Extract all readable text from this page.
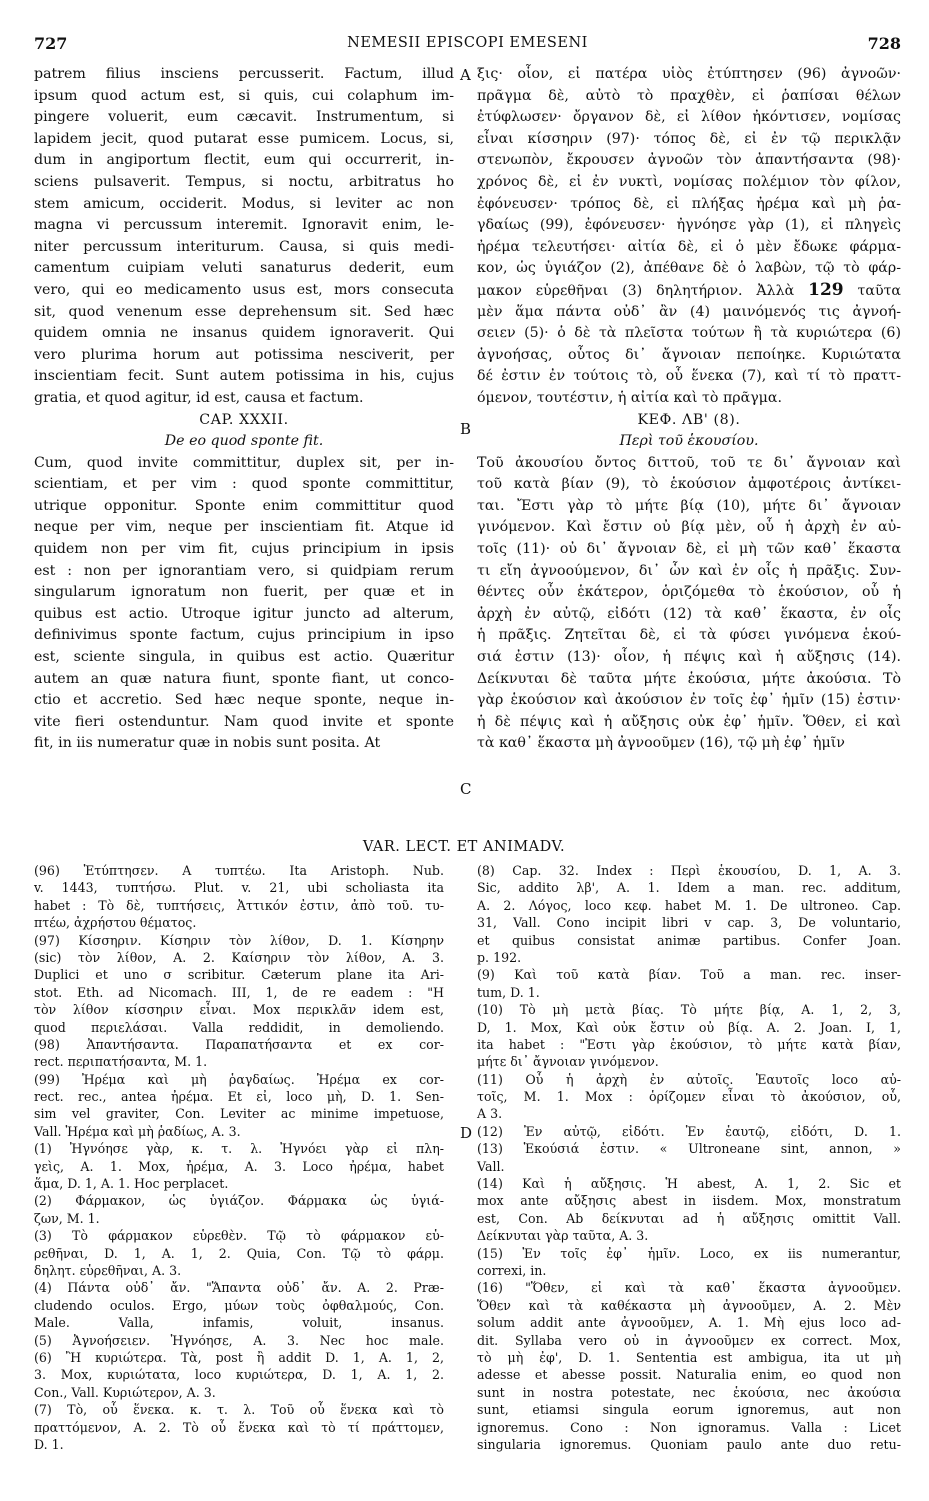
727	NEMESII EPISCOPI EMESENI	728
A
B
C
D
patrem filius insciens percusserit. Factum, illud
ipsum quod actum est, si quis, cui colaphum im-
pingere voluerit, eum cæcavit. Instrumentum, si
lapidem jecit, quod putarat esse pumicem. Locus, si,
dum in angiportum flectit, eum qui occurrerit, in-
sciens pulsaverit. Tempus, si noctu, arbitratus ho
stem amicum, occiderit. Modus, si leviter ac non
magna vi percussum interemit. Ignoravit enim, le-
niter percussum interiturum. Causa, si quis medi-
camentum cuipiam veluti sanaturus dederit, eum
vero, qui eo medicamento usus est, mors consecuta
sit, quod venenum esse deprehensum sit. Sed hæc
quidem omnia ne insanus quidem ignoraverit. Qui
vero plurima horum aut potissima nesciverit, per
inscientiam fecit. Sunt autem potissima in his, cujus
gratia, et quod agitur, id est, causa et factum.
CAP. XXXII.
De eo quod sponte fit.
Cum, quod invite committitur, duplex sit, per in-
scientiam, et per vim : quod sponte committitur,
utrique opponitur. Sponte enim committitur quod
neque per vim, neque per inscientiam fit. Atque id
quidem non per vim fit, cujus principium in ipsis
est : non per ignorantiam vero, si quidpiam rerum
singularum ignoratum non fuerit, per quæ et in
quibus est actio. Utroque igitur juncto ad alterum,
definivimus sponte factum, cujus principium in ipso
est, sciente singula, in quibus est actio. Quæritur
autem an quæ natura fiunt, sponte fiant, ut conco-
ctio et accretio. Sed hæc neque sponte, neque in-
vite fieri ostenduntur. Nam quod invite et sponte
fit, in iis numeratur quæ in nobis sunt posita. At
ξις· οἷον, εἰ πατέρα υἱὸς ἐτύπτησεν (96) ἀγνοῶν·
πρᾶγμα δὲ, αὐτὸ τὸ πραχθὲν, εἰ ῥαπίσαι θέλων
ἐτύφλωσεν· ὄργανον δὲ, εἰ λίθον ἠκόντισεν, νομίσας
εἶναι κίσσηριν (97)· τόπος δὲ, εἰ ἐν τῷ περικλᾷν
στενωπὸν, ἔκρουσεν ἀγνοῶν τὸν ἀπαντήσαντα (98)·
χρόνος δὲ, εἰ ἐν νυκτὶ, νομίσας πολέμιον τὸν φίλον,
ἐφόνευσεν· τρόπος δὲ, εἰ πλήξας ἠρέμα καὶ μὴ ῥα-
γδαίως (99), ἐφόνευσεν· ἠγνόησε γὰρ (1), εἰ πληγεὶς
ἠρέμα τελευτήσει· αἰτία δὲ, εἰ ὁ μὲν ἔδωκε φάρμα-
κον, ὡς ὑγιάζον (2), ἀπέθανε δὲ ὁ λαβὼν, τῷ τὸ φάρ-
μακον εὑρεθῆναι (3) δηλητήριον. Ἀλλὰ 129 ταῦτα
μὲν ἅμα πάντα οὐδ᾽ ἂν (4) μαινόμενός τις ἀγνοή-
σειεν (5)· ὁ δὲ τὰ πλεῖστα τούτων ἢ τὰ κυριώτερα (6)
ἀγνοήσας, οὗτος δι᾽ ἄγνοιαν πεποίηκε. Κυριώτατα
δέ ἐστιν ἐν τούτοις τὸ, οὗ ἕνεκα (7), καὶ τί τὸ πραττ-
όμενον, τουτέστιν, ἡ αἰτία καὶ τὸ πρᾶγμα.
ΚΕΦ. ΛΒ' (8).
Περὶ τοῦ ἑκουσίου.
Τοῦ ἀκουσίου ὄντος διττοῦ, τοῦ τε δι᾽ ἄγνοιαν καὶ
τοῦ κατὰ βίαν (9), τὸ ἑκούσιον ἀμφοτέροις ἀντίκει-
ται. Ἔστι γὰρ τὸ μήτε βίᾳ (10), μήτε δι᾽ ἄγνοιαν
γινόμενον. Καὶ ἔστιν οὐ βίᾳ μὲν, οὗ ἡ ἀρχὴ ἐν αὐ-
τοῖς (11)· οὐ δι᾽ ἄγνοιαν δὲ, εἰ μὴ τῶν καθ᾽ ἕκαστα
τι εἴη ἀγνοούμενον, δι᾽ ὧν καὶ ἐν οἷς ἡ πρᾶξις. Συν-
θέντες οὖν ἑκάτερον, ὁριζόμεθα τὸ ἑκούσιον, οὗ ἡ
ἀρχὴ ἐν αὐτῷ, εἰδότι (12) τὰ καθ᾽ ἕκαστα, ἐν οἷς
ἡ πρᾶξις. Ζητεῖται δὲ, εἰ τὰ φύσει γινόμενα ἑκού-
σιά ἐστιν (13)· οἷον, ἡ πέψις καὶ ἡ αὔξησις (14).
Δείκνυται δὲ ταῦτα μήτε ἑκούσια, μήτε ἀκούσια. Τὸ
γὰρ ἑκούσιον καὶ ἀκούσιον ἐν τοῖς ἐφ᾽ ἡμῖν (15) ἐστιν·
ἡ δὲ πέψις καὶ ἡ αὔξησις οὐκ ἐφ᾽ ἡμῖν. Ὅθεν, εἰ καὶ
τὰ καθ᾽ ἕκαστα μὴ ἀγνοοῦμεν (16), τῷ μὴ ἐφ᾽ ἡμῖν
VAR. LECT. ET ANIMADV.
(96) Ἐτύπτησεν. A τυπτέω. Ita Aristoph. Nub.
v. 1443, τυπτήσω. Plut. v. 21, ubi scholiasta ita
habet : Τὸ δὲ, τυπτήσεις, Ἀττικόν ἐστιν, ἀπὸ τοῦ. τυ-
πτέω, ἀχρήστου θέματος.
(97) Κίσσηριν. Κίσηριν τὸν λίθον, D. 1. Κίσηρην
(sic) τὸν λίθον, A. 2. Καίσηριν τὸν λίθον, A. 3.
Duplici et uno σ scribitur. Cæterum plane ita Ari-
stot. Eth. ad Nicomach. III, 1, de re eadem : "Η
τὸν λίθον κίσσηριν εἶναι. Mox περικλᾶν idem est,
quod περιελάσαι. Valla reddidit, in demoliendo.
(98) Ἀπαντήσαντα. Παραπατήσαντα et ex cor-
rect. περιπατήσαντα, M. 1.
(99) Ἠρέμα καὶ μὴ ῥαγδαίως. Ἠρέμα ex cor-
rect. rec., antea ἠρέμα. Et εἰ, loco μὴ, D. 1. Sen-
sim vel graviter, Con. Leviter ac minime impetuose,
Vall. Ἠρέμα καὶ μὴ ῥαδίως, A. 3.
(1) Ἠγνόησε γὰρ, κ. τ. λ. Ἠγνόει γὰρ εἰ πλη-
γεὶς, A. 1. Mox, ἠρέμα, A. 3. Loco ἠρέμα, habet
ἅμα, D. 1, A. 1. Hoc perplacet.
(2) Φάρμακον, ὡς ὑγιάζον. Φάρμακα ὡς ὑγιά-
ζων, M. 1.
(3) Τὸ φάρμακον εὑρεθὲν. Τῷ τὸ φάρμακον εὑ-
ρεθῆναι, D. 1, A. 1, 2. Quia, Con. Τῷ τὸ φάρμ.
δηλητ. εὑρεθῆναι, A. 3.
(4) Πάντα οὐδ᾽ ἄν. "Ἅπαντα οὐδ᾽ ἄν. A. 2. Præ-
cludendo oculos. Ergo, μύων τοὺς ὀφθαλμούς, Con.
Male. Valla, infamis, voluit, insanus.
(5) Ἀγνοήσειεν. Ἠγνόησε, A. 3. Nec hoc male.
(6) Ἢ κυριώτερα. Τὰ, post ἢ addit D. 1, A. 1, 2,
3. Mox, κυριώτατα, loco κυριώτερα, D. 1, A. 1, 2.
Con., Vall. Κυριώτερον, A. 3.
(7) Τὸ, οὗ ἕνεκα. κ. τ. λ. Τοῦ οὗ ἕνεκα καὶ τὸ
πραττόμενον, A. 2. Τὸ οὗ ἕνεκα καὶ τὸ τί πράττομεν,
D. 1.
(8) Cap. 32. Index : Περὶ ἑκουσίου, D. 1, A. 3.
Sic, addito λβ', A. 1. Idem a man. rec. additum,
A. 2. Λόγος, loco κεφ. habet M. 1. De ultroneo. Cap.
31, Vall. Cono incipit libri v cap. 3, De voluntario,
et quibus consistat animæ partibus. Confer Joan.
p. 192.
(9) Καὶ τοῦ κατὰ βίαν. Τοῦ a man. rec. inser-
tum, D. 1.
(10) Τὸ μὴ μετὰ βίας. Τὸ μήτε βίᾳ, A. 1, 2, 3,
D, 1. Mox, Καὶ οὐκ ἔστιν οὐ βίᾳ. A. 2. Joan. I, 1,
ita habet : "Ἐστι γὰρ ἑκούσιον, τὸ μήτε κατὰ βίαν,
μήτε δι᾽ ἄγνοιαν γινόμενον.
(11) Οὗ ἡ ἀρχὴ ἐν αὐτοῖς. Ἑαυτοῖς loco αὐ-
τοῖς, M. 1. Mox : ὁρίζομεν εἶναι τὸ ἀκούσιον, οὗ,
A 3.
(12) Ἐν αὐτῷ, εἰδότι. Ἐν ἑαυτῷ, εἰδότι, D. 1.
(13) Ἑκούσιά ἐστιν. « Ultroneane sint, annon, »
Vall.
(14) Καὶ ἡ αὔξησις. Ἡ abest, A. 1, 2. Sic et
mox ante αὔξησις abest in iisdem. Mox, monstratum
est, Con. Ab δείκνυται ad ἡ αὔξησις omittit Vall.
Δείκνυται γὰρ ταῦτα, A. 3.
(15) Ἐν τοῖς ἐφ᾽ ἡμῖν. Loco, ex iis numerantur,
correxi, in.
(16) "Ὅθεν, εἰ καὶ τὰ καθ᾽ ἕκαστα ἀγνοοῦμεν.
Ὅθεν καὶ τὰ καθέκαστα μὴ ἀγνοοῦμεν, A. 2. Μὲν
solum addit ante ἀγνοοῦμεν, A. 1. Μὴ ejus loco ad-
dit. Syllaba vero οὐ in ἀγνοοῦμεν ex correct. Mox,
τὸ μὴ ἐφ', D. 1. Sententia est ambigua, ita ut μὴ
adesse et abesse possit. Naturalia enim, eo quod non
sunt in nostra potestate, nec ἑκούσια, nec ἀκούσια
sunt, etiamsi singula eorum ignoremus, aut non
ignoremus. Cono : Non ignoramus. Valla : Licet
singularia ignoremus. Quoniam paulo ante duo retu-
